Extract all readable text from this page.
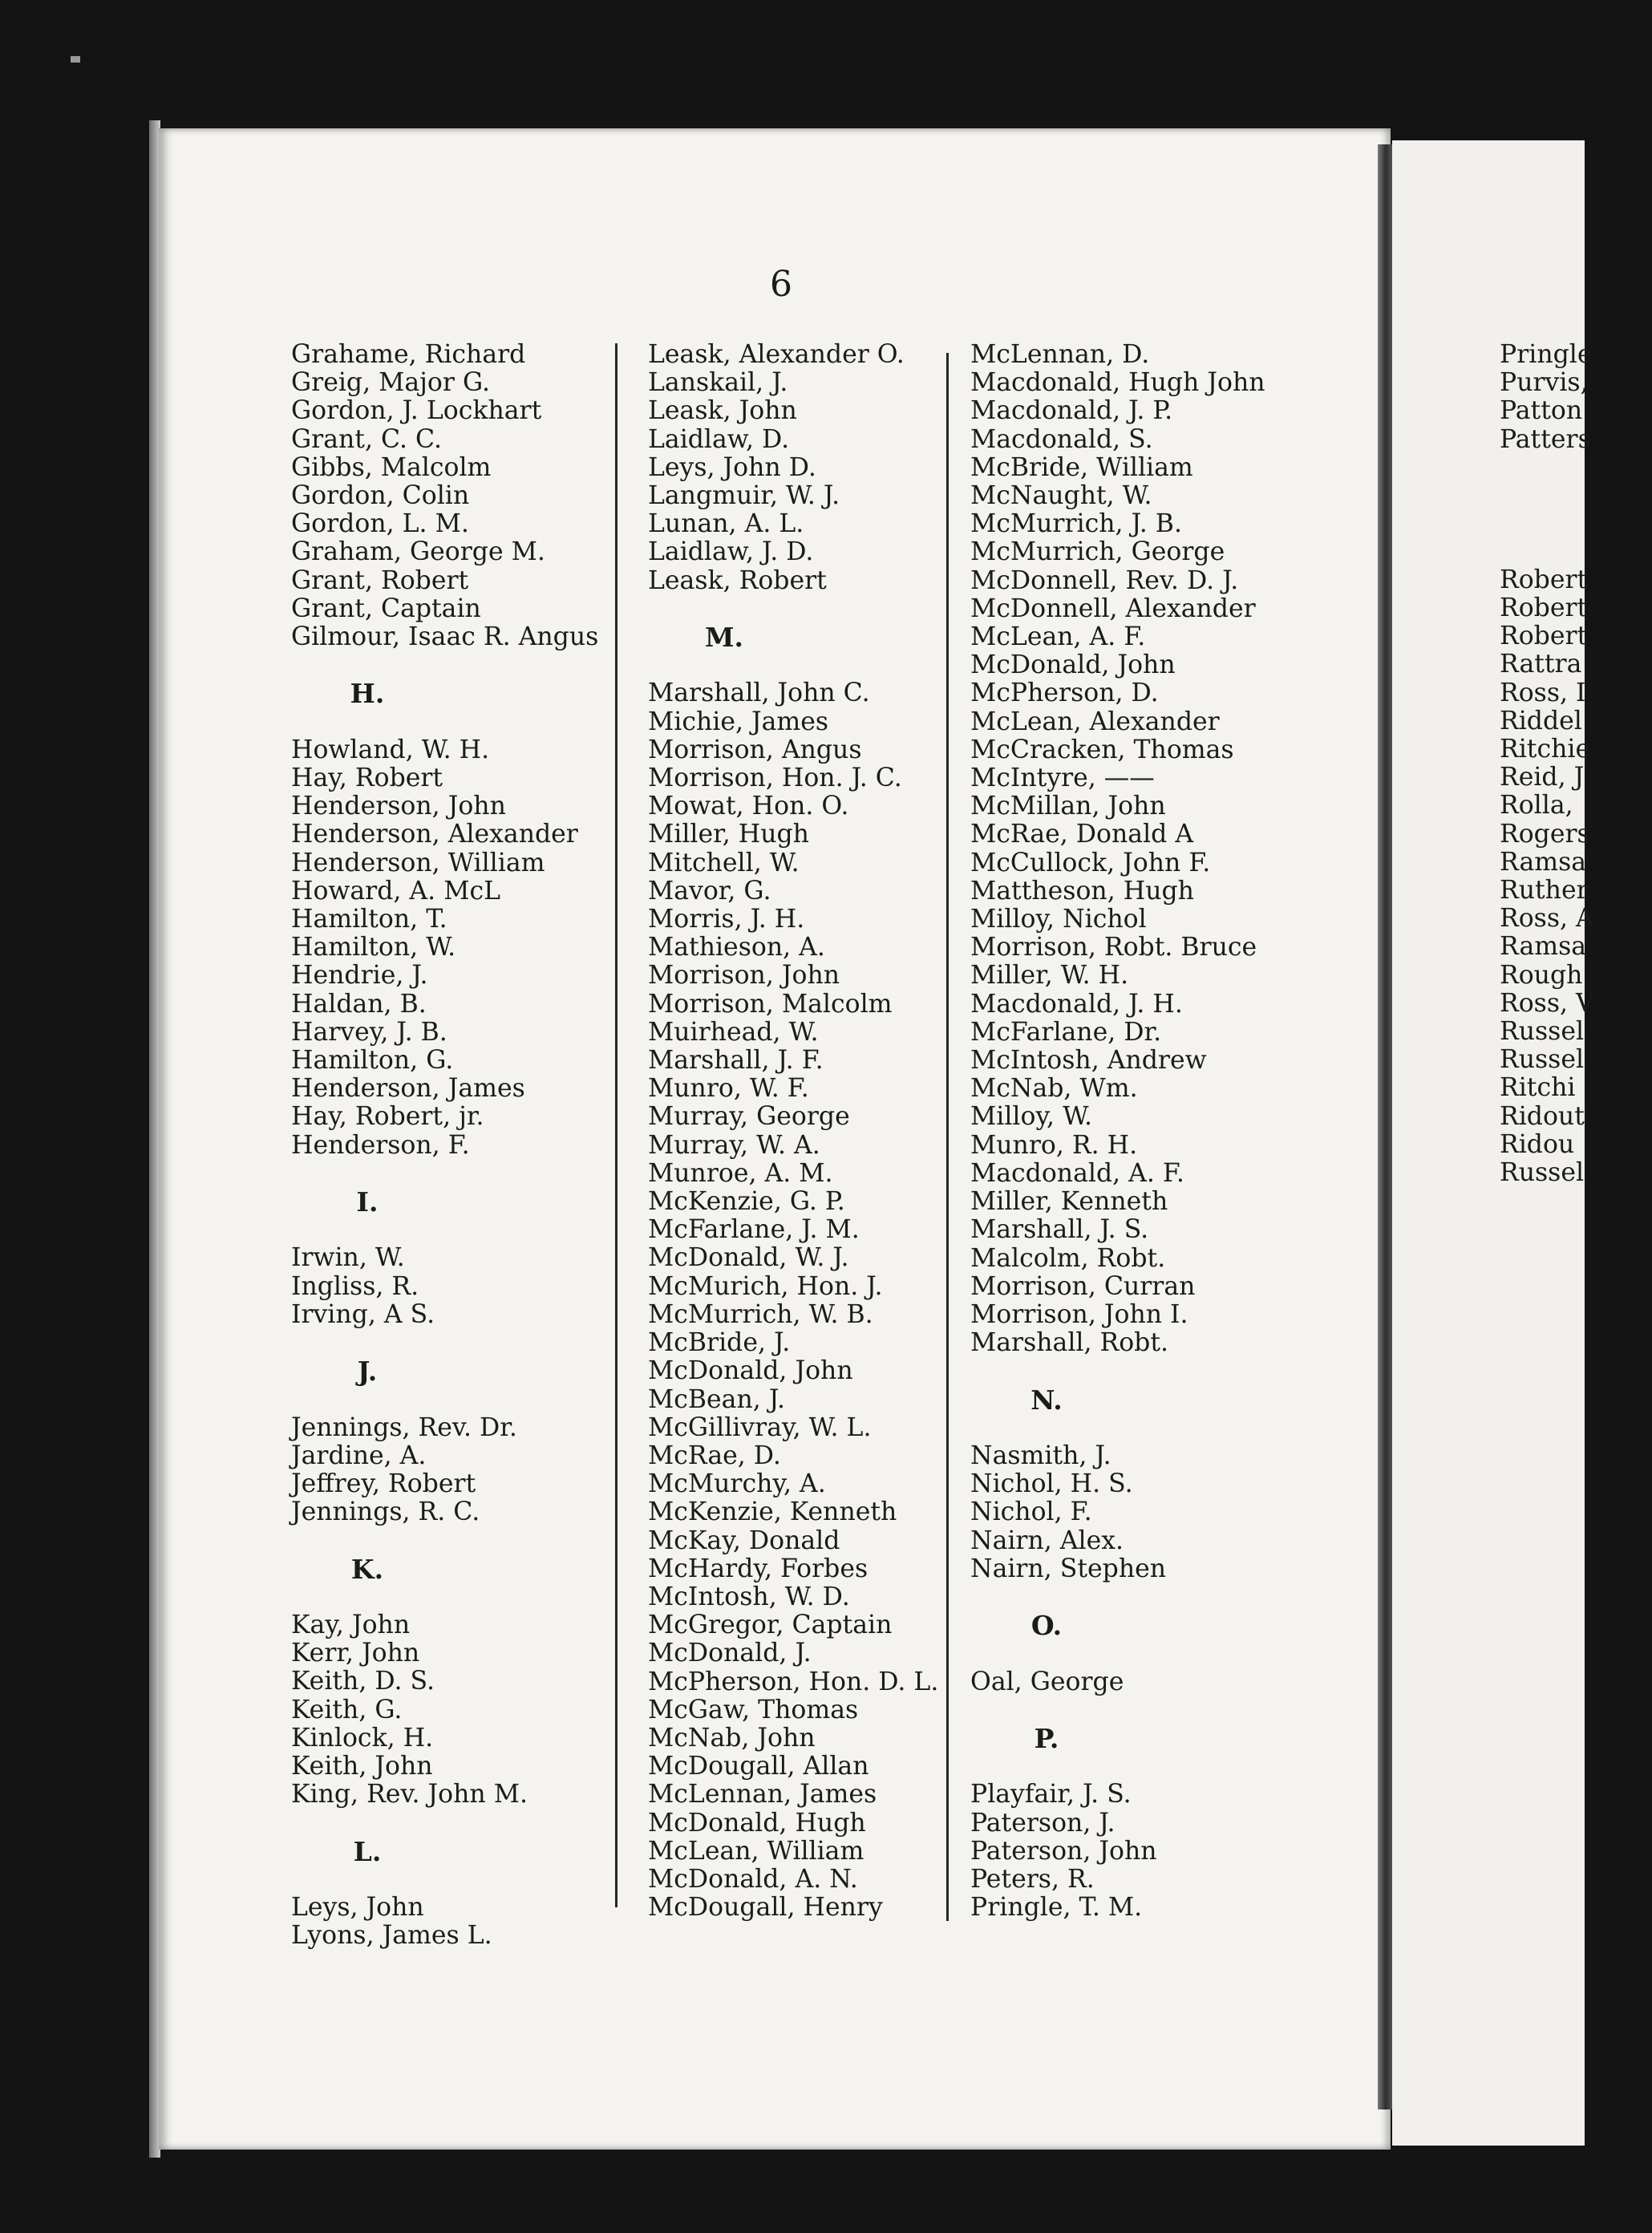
6

Grahame, Richard

Greig, Major G.

Gordon, J. Lockhart

Grant, C. C.

Gibbs, Malcolm

Gordon, Colin

Gordon, L. M.

Graham, George M.

Grant, Robert

Grant, Captain

Gilmour, Isaac R. Angus

H.

Howland, W. H.

Hay, Robert

Henderson, John

Henderson, Alexander

Henderson, William

Howard, A. McL

Hamilton, T.

Hamilton, W.

Hendrie, J.

Haldan, B.

Harvey, J. B.

Hamilton, G.

Henderson, James

Hay, Robert, jr.

Henderson, F.

I.

Irwin, W.

Ingliss, R.

Irving, A S.

J.

Jennings, Rev. Dr.

Jardine, A.

Jeffrey, Robert

Jennings, R. C.

K.

Kay, John

Kerr, John

Keith, D. S.

Keith, G.

Kinlock, H.

Keith, John

King, Rev. John M.

L.

Leys, John

Lyons, James L.

Leask, Alexander O.

Lanskail, J.

Leask, John

Laidlaw, D.

Leys, John D.

Langmuir, W. J.

Lunan, A. L.

Laidlaw, J. D.

Leask, Robert

M.

Marshall, John C.

Michie, James

Morrison, Angus

Morrison, Hon. J. C.

Mowat, Hon. O.

Miller, Hugh

Mitchell, W.

Mavor, G.

Morris, J. H.

Mathieson, A.

Morrison, John

Morrison, Malcolm

Muirhead, W.

Marshall, J. F.

Munro, W. F.

Murray, George

Murray, W. A.

Munroe, A. M.

McKenzie, G. P.

McFarlane, J. M.

McDonald, W. J.

McMurich, Hon. J.

McMurrich, W. B.

McBride, J.

McDonald, John

McBean, J.

McGillivray, W. L.

McRae, D.

McMurchy, A.

McKenzie, Kenneth

McKay, Donald

McHardy, Forbes

McIntosh, W. D.

McGregor, Captain

McDonald, J.

McPherson, Hon. D. L.

McGaw, Thomas

McNab, John

McDougall, Allan

McLennan, James

McDonald, Hugh

McLean, William

McDonald, A. N.

McDougall, Henry

McLennan, D.

Macdonald, Hugh John

Macdonald, J. P.

Macdonald, S.

McBride, William

McNaught, W.

McMurrich, J. B.

McMurrich, George

McDonnell, Rev. D. J.

McDonnell, Alexander

McLean, A. F.

McDonald, John

McPherson, D.

McLean, Alexander

McCracken, Thomas

McIntyre, ——

McMillan, John

McRae, Donald A

McCullock, John F.

Mattheson, Hugh

Milloy, Nichol

Morrison, Robt. Bruce

Miller, W. H.

Macdonald, J. H.

McFarlane, Dr.

McIntosh, Andrew

McNab, Wm.

Milloy, W.

Munro, R. H.

Macdonald, A. F.

Miller, Kenneth

Marshall, J. S.

Malcolm, Robt.

Morrison, Curran

Morrison, John I.

Marshall, Robt.

N.

Nasmith, J.

Nichol, H. S.

Nichol, F.

Nairn, Alex.

Nairn, Stephen

O.

Oal, George

P.

Playfair, J. S.

Paterson, J.

Paterson, John

Peters, R.

Pringle, T. M.

Pringle

Purvis,

Patton

Patters

Robert

Robert

Robert

Rattra

Ross, I

Riddel

Ritchie

Reid, J

Rolla,

Rogers

Ramsa

Ruther

Ross, A

Ramsa

Rough

Ross, V

Russel

Russel

Ritchi

Ridout

Ridou

Russel
